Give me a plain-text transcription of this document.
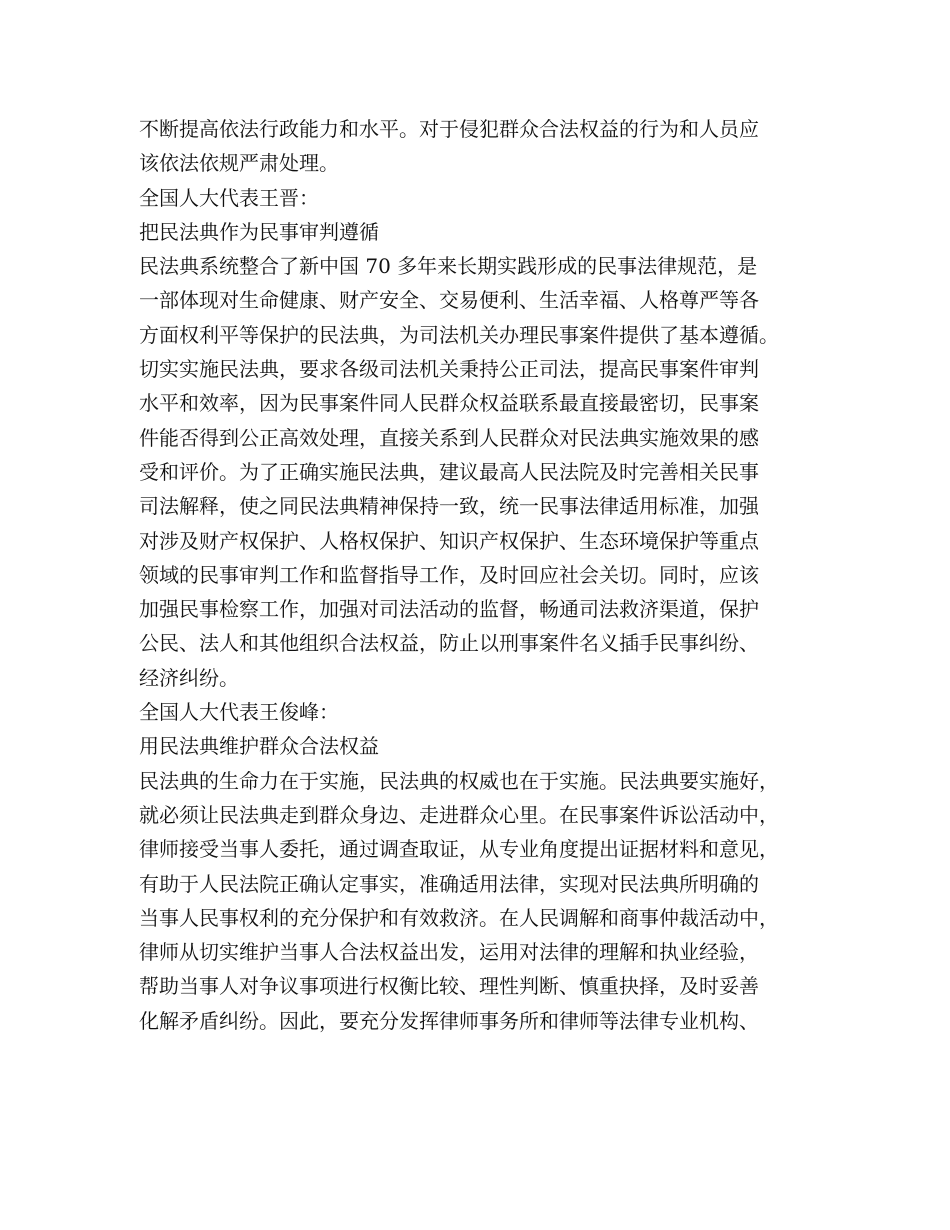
不断提高依法行政能力和水平。对于侵犯群众合法权益的行为和人员应
该依法依规严肃处理。
全国人大代表王晋：
把民法典作为民事审判遵循
民法典系统整合了新中国 70 多年来长期实践形成的民事法律规范，是
一部体现对生命健康、财产安全、交易便利、生活幸福、人格尊严等各
方面权利平等保护的民法典，为司法机关办理民事案件提供了基本遵循。
切实实施民法典，要求各级司法机关秉持公正司法，提高民事案件审判
水平和效率，因为民事案件同人民群众权益联系最直接最密切，民事案
件能否得到公正高效处理，直接关系到人民群众对民法典实施效果的感
受和评价。为了正确实施民法典，建议最高人民法院及时完善相关民事
司法解释，使之同民法典精神保持一致，统一民事法律适用标准，加强
对涉及财产权保护、人格权保护、知识产权保护、生态环境保护等重点
领域的民事审判工作和监督指导工作，及时回应社会关切。同时，应该
加强民事检察工作，加强对司法活动的监督，畅通司法救济渠道，保护
公民、法人和其他组织合法权益，防止以刑事案件名义插手民事纠纷、
经济纠纷。
全国人大代表王俊峰：
用民法典维护群众合法权益
民法典的生命力在于实施，民法典的权威也在于实施。民法典要实施好，
就必须让民法典走到群众身边、走进群众心里。在民事案件诉讼活动中，
律师接受当事人委托，通过调查取证，从专业角度提出证据材料和意见，
有助于人民法院正确认定事实，准确适用法律，实现对民法典所明确的
当事人民事权利的充分保护和有效救济。在人民调解和商事仲裁活动中，
律师从切实维护当事人合法权益出发，运用对法律的理解和执业经验，
帮助当事人对争议事项进行权衡比较、理性判断、慎重抉择，及时妥善
化解矛盾纠纷。因此，要充分发挥律师事务所和律师等法律专业机构、
